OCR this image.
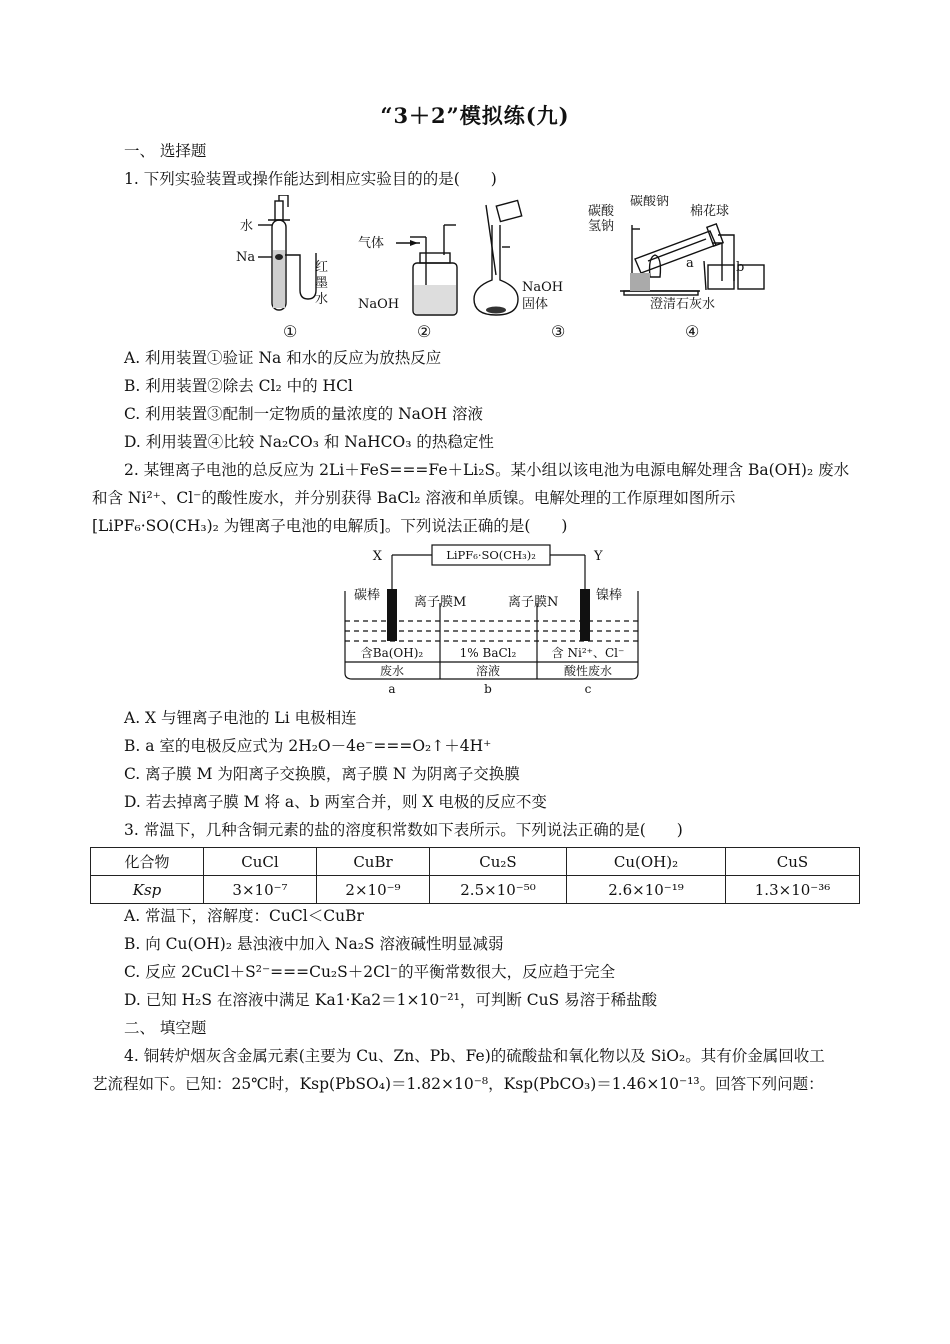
“3＋2”模拟练(九)
一、 选择题
1. 下列实验装置或操作能达到相应实验目的的是(　　)
水
Na
红
墨
水
气体
NaOH
NaOH
固体
碳酸
氢钠
碳酸钠
棉花球
a	b
澄清石灰水
①	②	③	④
A. 利用装置①验证 Na 和水的反应为放热反应
B. 利用装置②除去 Cl₂ 中的 HCl
C. 利用装置③配制一定物质的量浓度的 NaOH 溶液
D. 利用装置④比较 Na₂CO₃ 和 NaHCO₃ 的热稳定性
2. 某锂离子电池的总反应为 2Li＋FeS===Fe＋Li₂S。某小组以该电池为电源电解处理含 Ba(OH)₂ 废水
和含 Ni²⁺、Cl⁻的酸性废水，并分别获得 BaCl₂ 溶液和单质镍。电解处理的工作原理如图所示
[LiPF₆·SO(CH₃)₂ 为锂离子电池的电解质]。下列说法正确的是(　　)
X	Y
LiPF₆·SO(CH₃)₂
碳棒	镍棒
离子膜M	离子膜N
含Ba(OH)₂
废水
1% BaCl₂
溶液
含 Ni²⁺、Cl⁻
酸性废水
a	b	c
A. X 与锂离子电池的 Li 电极相连
B. a 室的电极反应式为 2H₂O－4e⁻===O₂↑＋4H⁺
C. 离子膜 M 为阳离子交换膜，离子膜 N 为阴离子交换膜
D. 若去掉离子膜 M 将 a、b 两室合并，则 X 电极的反应不变
3. 常温下，几种含铜元素的盐的溶度积常数如下表所示。下列说法正确的是(　　)
化合物	CuCl	CuBr	Cu₂S	Cu(OH)₂	CuS
Ksp	3×10⁻⁷	2×10⁻⁹	2.5×10⁻⁵⁰	2.6×10⁻¹⁹	1.3×10⁻³⁶
A. 常温下，溶解度：CuCl＜CuBr
B. 向 Cu(OH)₂ 悬浊液中加入 Na₂S 溶液碱性明显减弱
C. 反应 2CuCl＋S²⁻===Cu₂S＋2Cl⁻的平衡常数很大，反应趋于完全
D. 已知 H₂S 在溶液中满足 Ka1·Ka2＝1×10⁻²¹，可判断 CuS 易溶于稀盐酸
二、 填空题
4. 铜转炉烟灰含金属元素(主要为 Cu、Zn、Pb、Fe)的硫酸盐和氧化物以及 SiO₂。其有价金属回收工
艺流程如下。已知：25℃时，Ksp(PbSO₄)＝1.82×10⁻⁸，Ksp(PbCO₃)＝1.46×10⁻¹³。回答下列问题：
